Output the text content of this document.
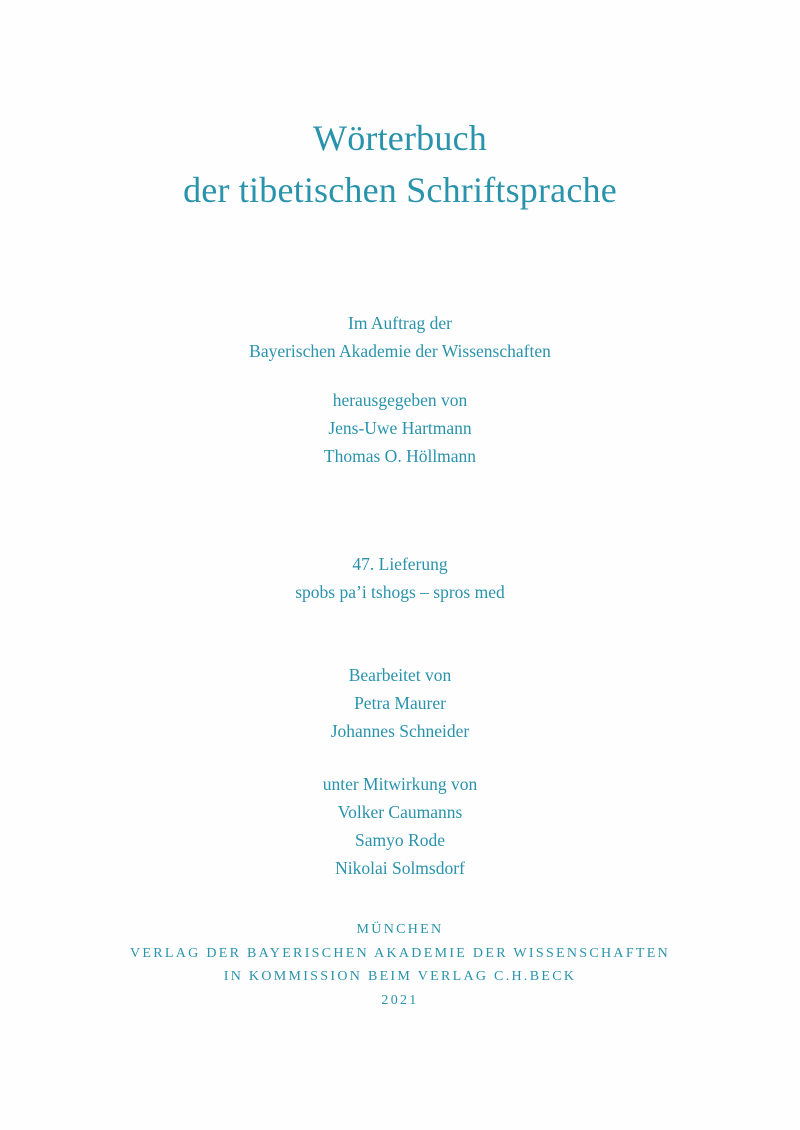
Wörterbuch
der tibetischen Schriftsprache
Im Auftrag der
Bayerischen Akademie der Wissenschaften
herausgegeben von
Jens-Uwe Hartmann
Thomas O. Höllmann
47. Lieferung
spobs pa’i tshogs – spros med
Bearbeitet von
Petra Maurer
Johannes Schneider
unter Mitwirkung von
Volker Caumanns
Samyo Rode
Nikolai Solmsdorf
MÜNCHEN
VERLAG DER BAYERISCHEN AKADEMIE DER WISSENSCHAFTEN
IN KOMMISSION BEIM VERLAG C.H.BECK
2021
